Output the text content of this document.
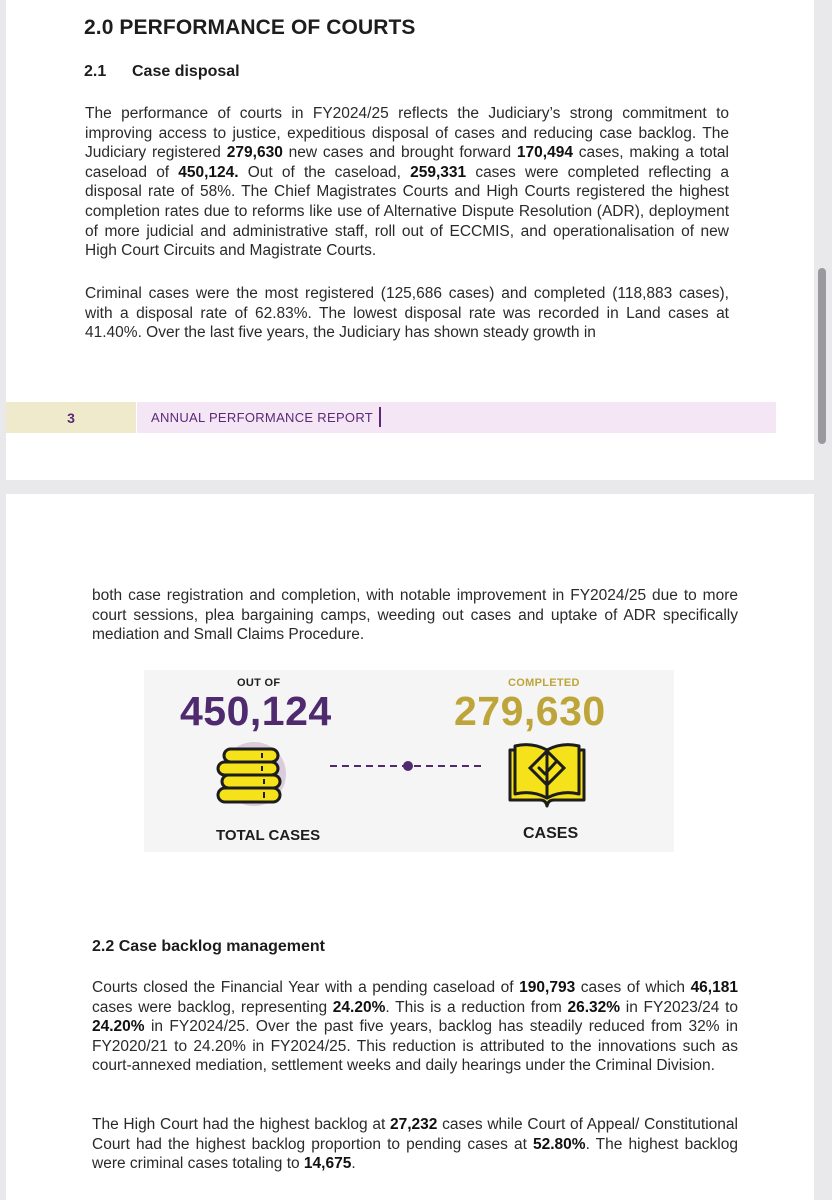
2.0 PERFORMANCE OF COURTS
2.1 Case disposal

The performance of courts in FY2024/25 reflects the Judiciary’s strong commitment to improving access to justice, expeditious disposal of cases and reducing case backlog. The Judiciary registered 279,630 new cases and brought forward 170,494 cases, making a total caseload of 450,124. Out of the caseload, 259,331 cases were completed reflecting a disposal rate of 58%. The Chief Magistrates Courts and High Courts registered the highest completion rates due to reforms like use of Alternative Dispute Resolution (ADR), deployment of more judicial and administrative staff, roll out of ECCMIS, and operationalisation of new High Court Circuits and Magistrate Courts.

Criminal cases were the most registered (125,686 cases) and completed (118,883 cases), with a disposal rate of 62.83%. The lowest disposal rate was recorded in Land cases at 41.40%. Over the last five years, the Judiciary has shown steady growth in

3	ANNUAL PERFORMANCE REPORT

both case registration and completion, with notable improvement in FY2024/25 due to more court sessions, plea bargaining camps, weeding out cases and uptake of ADR specifically mediation and Small Claims Procedure.

OUT OF
450,124
COMPLETED
279,630
TOTAL CASES	CASES
2.2 Case backlog management

Courts closed the Financial Year with a pending caseload of 190,793 cases of which 46,181 cases were backlog, representing 24.20%. This is a reduction from 26.32% in FY2023/24 to 24.20% in FY2024/25. Over the past five years, backlog has steadily reduced from 32% in FY2020/21 to 24.20% in FY2024/25. This reduction is attributed to the innovations such as court-annexed mediation, settlement weeks and daily hearings under the Criminal Division.

The High Court had the highest backlog at 27,232 cases while Court of Appeal/ Constitutional Court had the highest backlog proportion to pending cases at 52.80%. The highest backlog were criminal cases totaling to 14,675.
